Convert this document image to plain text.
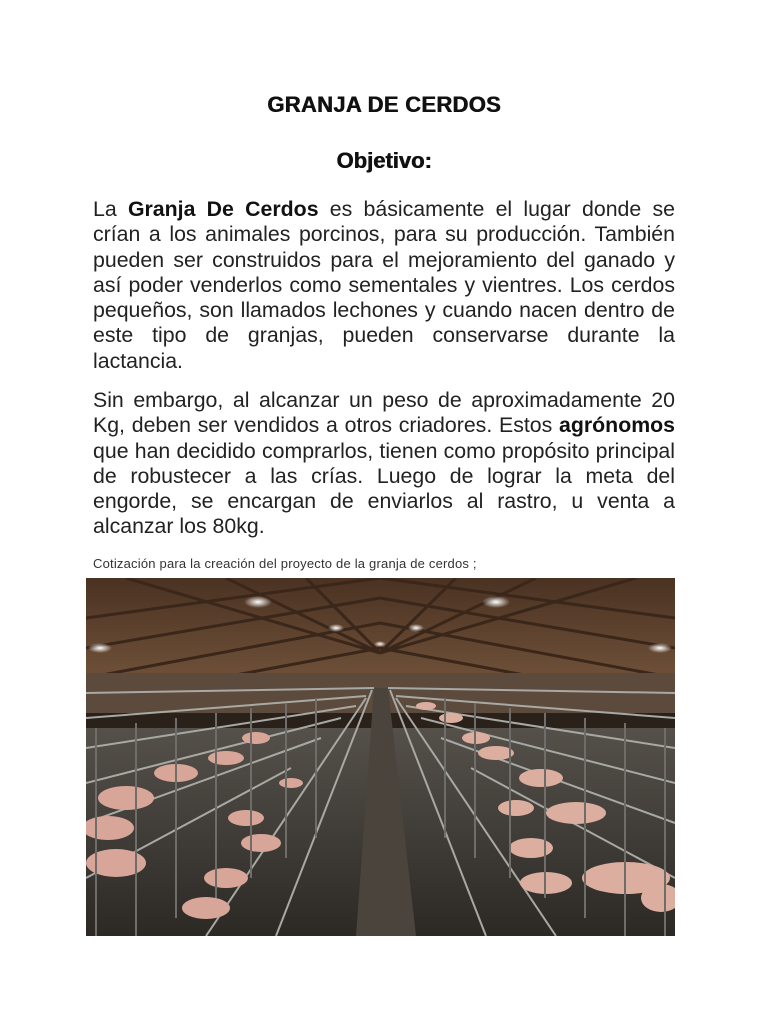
GRANJA DE CERDOS
Objetivo:
La Granja De Cerdos es básicamente el lugar donde se crían a los animales porcinos, para su producción. También pueden ser construidos para el mejoramiento del ganado y así poder venderlos como sementales y vientres. Los cerdos pequeños, son llamados lechones y cuando nacen dentro de este tipo de granjas, pueden conservarse durante la lactancia.
Sin embargo, al alcanzar un peso de aproximadamente 20 Kg, deben ser vendidos a otros criadores. Estos agrónomos que han decidido comprarlos, tienen como propósito principal de robustecer a las crías. Luego de lograr la meta del engorde, se encargan de enviarlos al rastro, u venta a alcanzar los 80kg.
Cotización para la creación del proyecto de la granja de cerdos ;
